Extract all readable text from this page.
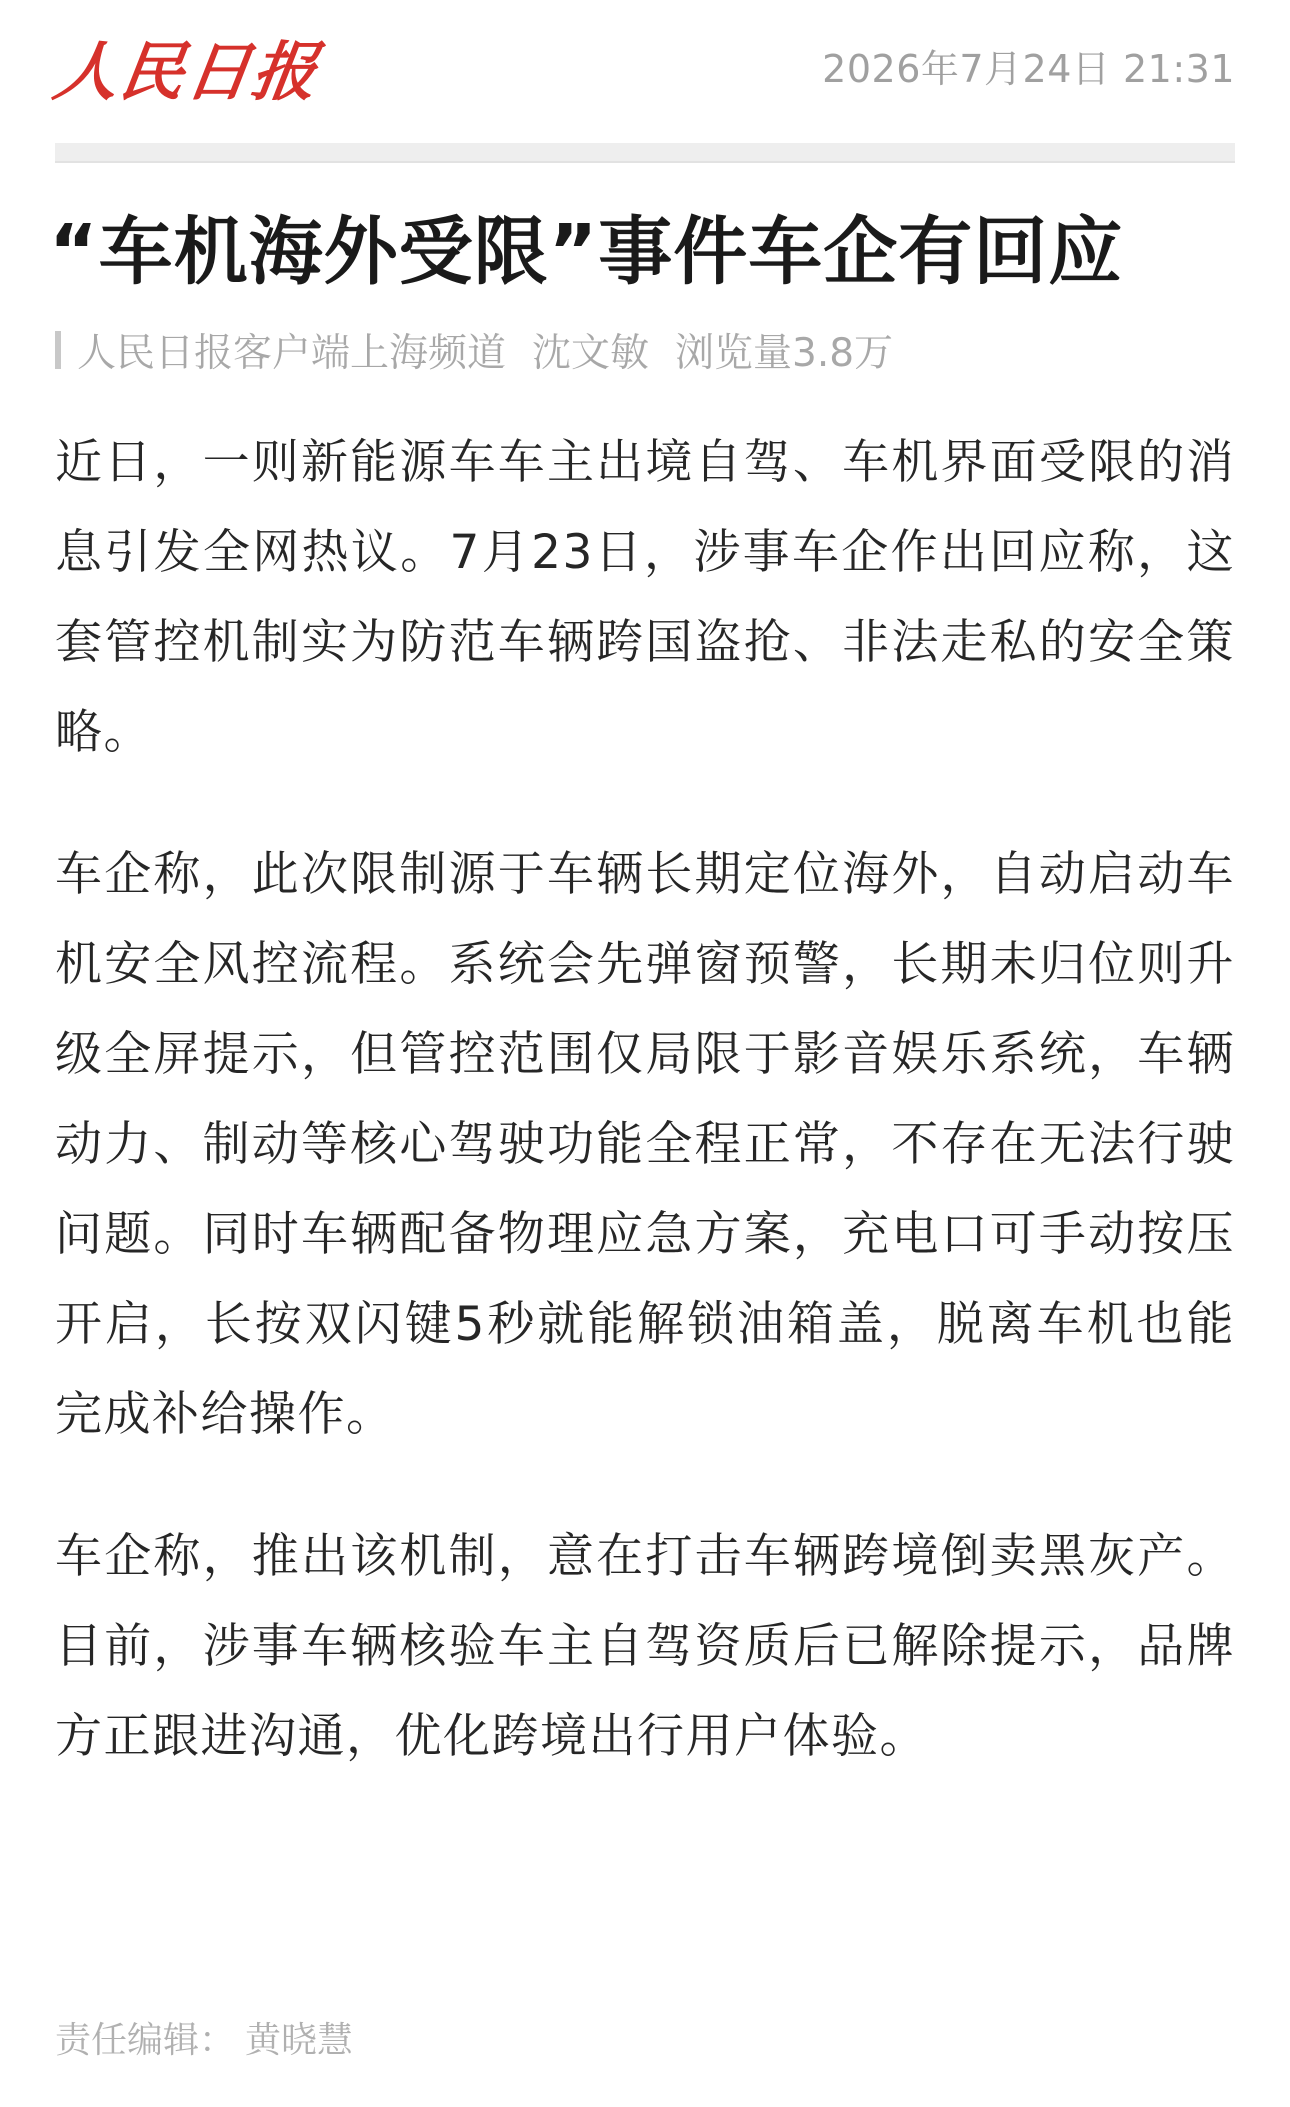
人民日报	2026年7月24日 21:31
“车机海外受限”事件车企有回应
人民日报客户端上海频道 沈文敏 浏览量3.8万

近日，一则新能源车车主出境自驾、车机界面受限的消息引发全网热议。7月23日，涉事车企作出回应称，这套管控机制实为防范车辆跨国盗抢、非法走私的安全策略。

车企称，此次限制源于车辆长期定位海外，自动启动车机安全风控流程。系统会先弹窗预警，长期未归位则升级全屏提示，但管控范围仅局限于影音娱乐系统，车辆动力、制动等核心驾驶功能全程正常，不存在无法行驶问题。同时车辆配备物理应急方案，充电口可手动按压开启，长按双闪键5秒就能解锁油箱盖，脱离车机也能完成补给操作。

车企称，推出该机制，意在打击车辆跨境倒卖黑灰产。目前，涉事车辆核验车主自驾资质后已解除提示，品牌方正跟进沟通，优化跨境出行用户体验。

责任编辑： 黄晓慧
